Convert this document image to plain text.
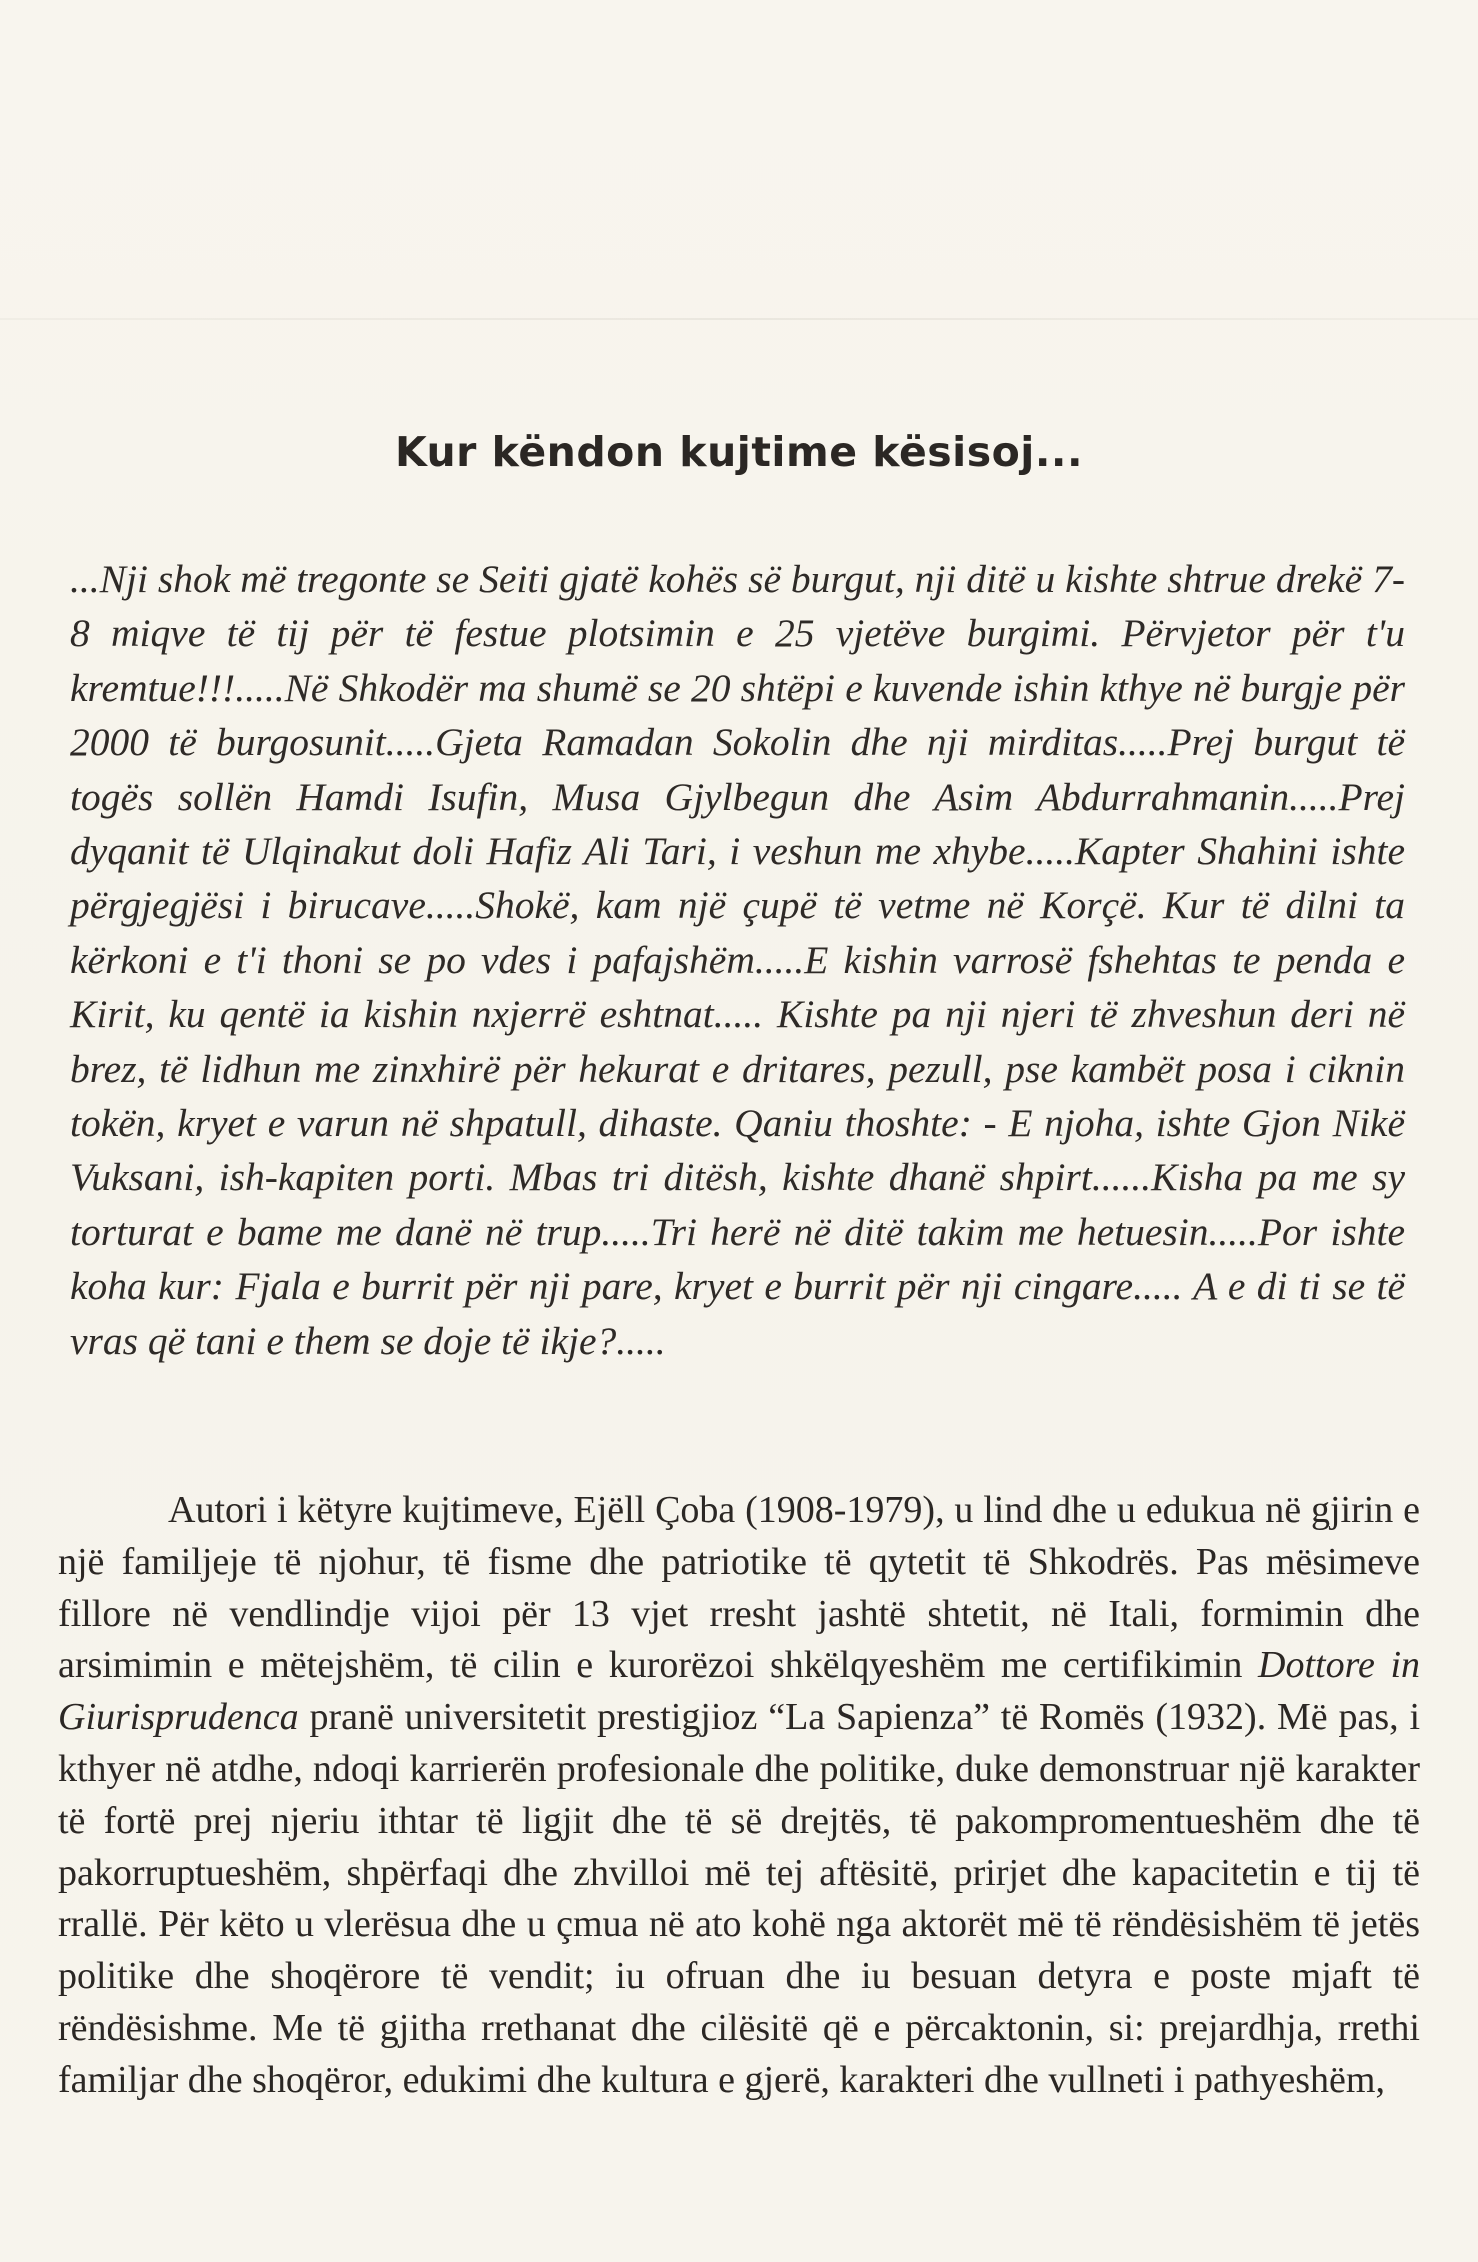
Kur këndon kujtime kësisoj...

...Nji shok më tregonte se Seiti gjatë kohës së burgut, nji ditë u kishte shtrue drekë 7-8 miqve të tij për të festue plotsimin e 25 vjetëve burgimi. Përvjetor për t'u kremtue!!!.....Në Shkodër ma shumë se 20 shtëpi e kuvende ishin kthye në burgje për 2000 të burgosunit.....Gjeta Ramadan Sokolin dhe nji mirditas.....Prej burgut të togës sollën Hamdi Isufin, Musa Gjylbegun dhe Asim Abdurrahmanin.....Prej dyqanit të Ulqinakut doli Hafiz Ali Tari, i veshun me xhybe.....Kapter Shahini ishte përgjegjësi i birucave.....Shokë, kam një çupë të vetme në Korçë. Kur të dilni ta kërkoni e t'i thoni se po vdes i pafajshëm.....E kishin varrosë fshehtas te penda e Kirit, ku qentë ia kishin nxjerrë eshtnat..... Kishte pa nji njeri të zhveshun deri në brez, të lidhun me zinxhirë për hekurat e dritares, pezull, pse kambët posa i ciknin tokën, kryet e varun në shpatull, dihaste. Qaniu thoshte: - E njoha, ishte Gjon Nikë Vuksani, ish-kapiten porti. Mbas tri ditësh, kishte dhanë shpirt......Kisha pa me sy torturat e bame me danë në trup.....Tri herë në ditë takim me hetuesin.....Por ishte koha kur: Fjala e burrit për nji pare, kryet e burrit për nji cingare..... A e di ti se të vras që tani e them se doje të ikje?.....

Autori i këtyre kujtimeve, Ejëll Çoba (1908-1979), u lind dhe u edukua në gjirin e një familjeje të njohur, të fisme dhe patriotike të qytetit të Shkodrës. Pas mësimeve fillore në vendlindje vijoi për 13 vjet rresht jashtë shtetit, në Itali, formimin dhe arsimimin e mëtejshëm, të cilin e kurorëzoi shkëlqyeshëm me certifikimin Dottore in Giurisprudenca pranë universitetit prestigjioz “La Sapienza” të Romës (1932). Më pas, i kthyer në atdhe, ndoqi karrierën profesionale dhe politike, duke demonstruar një karakter të fortë prej njeriu ithtar të ligjit dhe të së drejtës, të pakompromentueshëm dhe të pakorruptueshëm, shpërfaqi dhe zhvilloi më tej aftësitë, prirjet dhe kapacitetin e tij të rrallë. Për këto u vlerësua dhe u çmua në ato kohë nga aktorët më të rëndësishëm të jetës politike dhe shoqërore të vendit; iu ofruan dhe iu besuan detyra e poste mjaft të rëndësishme. Me të gjitha rrethanat dhe cilësitë që e përcaktonin, si: prejardhja, rrethi familjar dhe shoqëror, edukimi dhe kultura e gjerë, karakteri dhe vullneti i pathyeshëm,
